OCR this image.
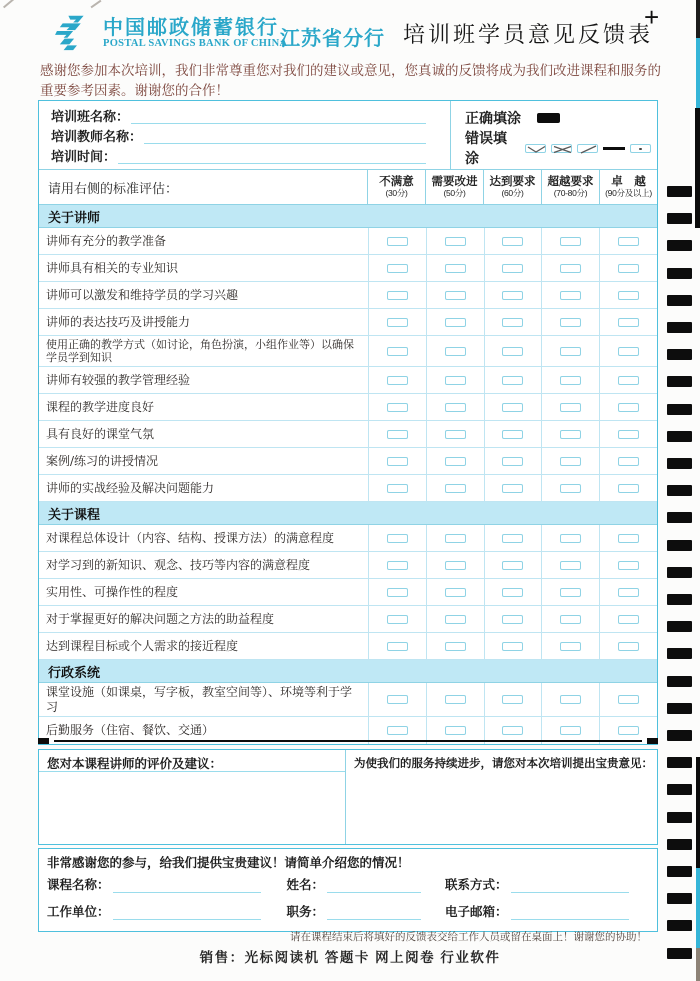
中国邮政储蓄银行
POSTAL SAVINGS BANK OF CHINA
江苏省分行 培训班学员意见反馈表
+
感谢您参加本次培训，我们非常尊重您对我们的建议或意见，您真诚的反馈将成为我们改进课程和服务的重要参考因素。谢谢您的合作！
培训班名称：
培训教师名称：
培训时间：
正确填涂
错误填涂
请用右侧的标准评估：	不满意
(30分)
需要改进
(50分)
达到要求
(60分)
超越要求
(70-80分)
卓　越
(90分及以上)
关于讲师
讲师有充分的教学准备
讲师具有相关的专业知识
讲师可以激发和维持学员的学习兴趣
讲师的表达技巧及讲授能力
使用正确的教学方式（如讨论，角色扮演，小组作业等）以确保学员学到知识
讲师有较强的教学管理经验
课程的教学进度良好
具有良好的课堂气氛
案例/练习的讲授情况
讲师的实战经验及解决问题能力
关于课程
对课程总体设计（内容、结构、授课方法）的满意程度
对学习到的新知识、观念、技巧等内容的满意程度
实用性、可操作性的程度
对于掌握更好的解决问题之方法的助益程度
达到课程目标或个人需求的接近程度
行政系统
课堂设施（如课桌，写字板，教室空间等）、环境等利于学习
后勤服务（住宿、餐饮、交通）
您对本课程讲师的评价及建议：	为使我们的服务持续进步，请您对本次培训提出宝贵意见：
非常感谢您的参与，给我们提供宝贵建议！请简单介绍您的情况！
课程名称：	姓名：	联系方式：
工作单位：	职务：	电子邮箱：
请在课程结束后将填好的反馈表交给工作人员或留在桌面上！谢谢您的协助！
销售：光标阅读机 答题卡 网上阅卷 行业软件
